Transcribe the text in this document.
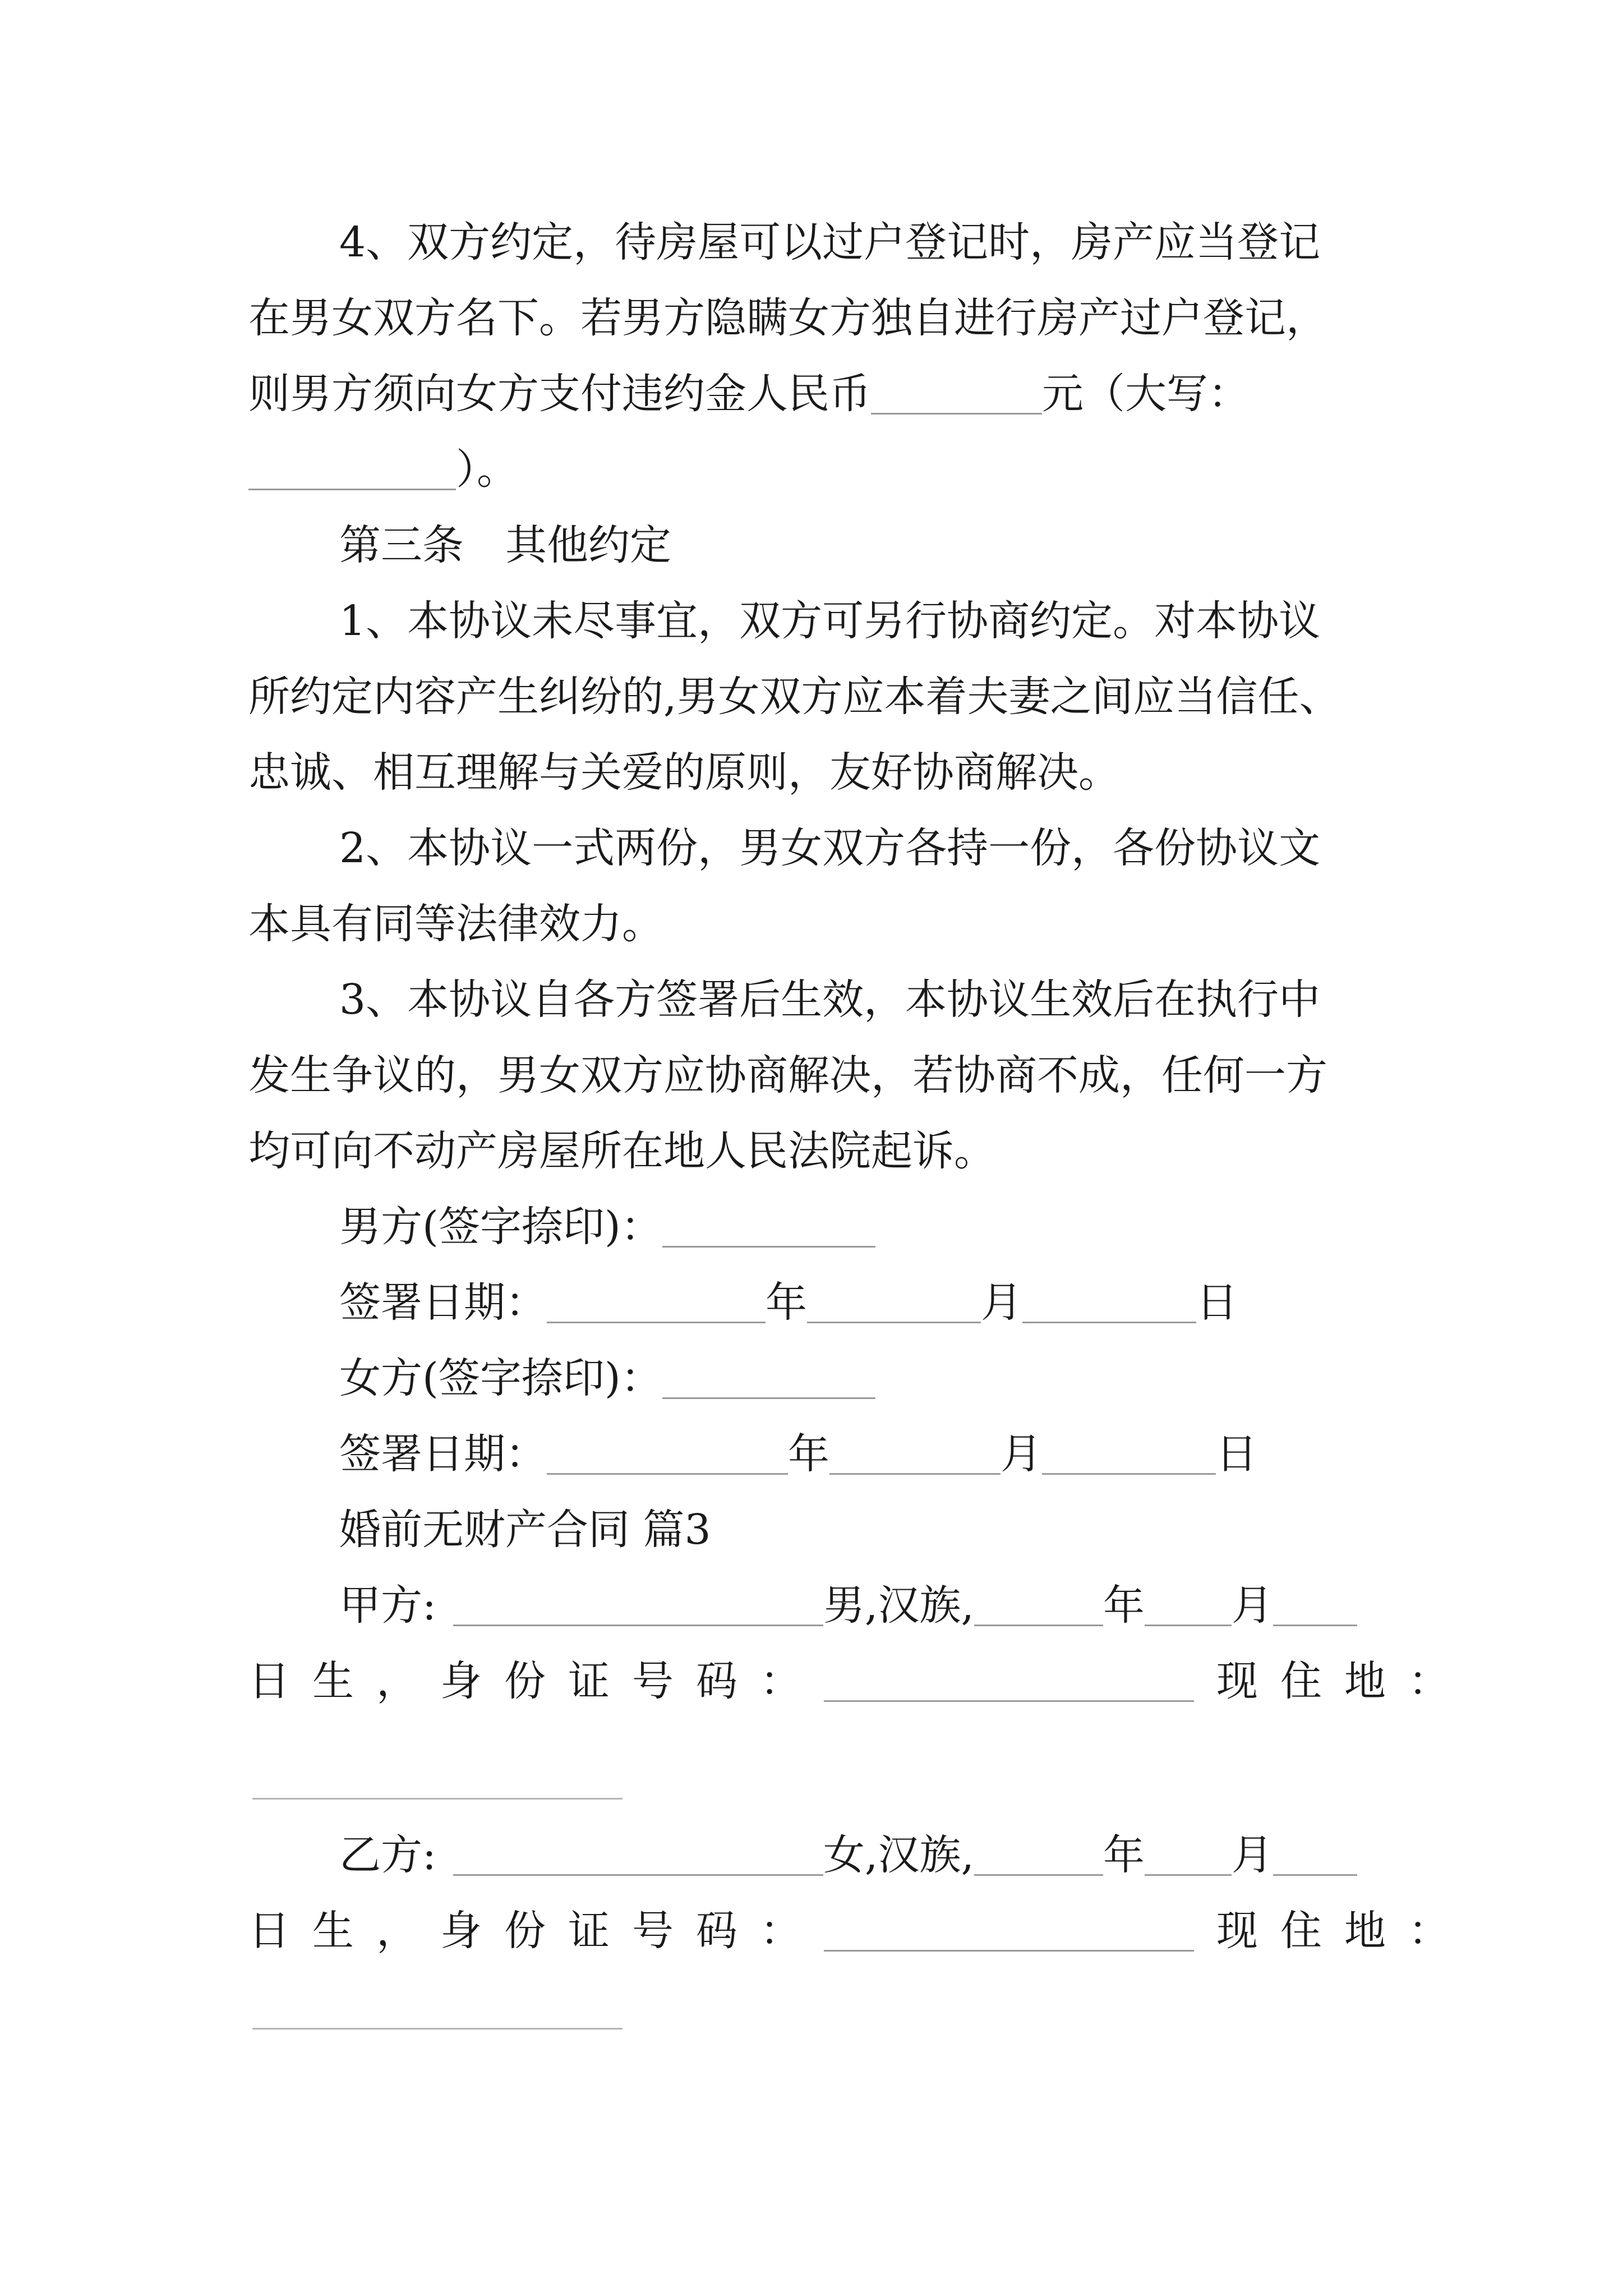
4、双方约定，待房屋可以过户登记时，房产应当登记
在男女双方名下。若男方隐瞒女方独自进行房产过户登记，
则男方须向女方支付违约金人民币	元（大写：
）。
第三条　其他约定
1、本协议未尽事宜，双方可另行协商约定。对本协议
所约定内容产生纠纷的,男女双方应本着夫妻之间应当信任、
忠诚、相互理解与关爱的原则，友好协商解决。
2、本协议一式两份，男女双方各持一份，各份协议文
本具有同等法律效力。
3、本协议自各方签署后生效，本协议生效后在执行中
发生争议的，男女双方应协商解决，若协商不成，任何一方
均可向不动产房屋所在地人民法院起诉。
男方(签字捺印)：
签署日期：	年	月	日
女方(签字捺印)：
签署日期：	年	月	日
婚前无财产合同 篇3
甲方:	男,汉族,	年 月
日生，身份证号码：	现住地：
乙方:	女,汉族,	年 月
日生，身份证号码：	现住地：
